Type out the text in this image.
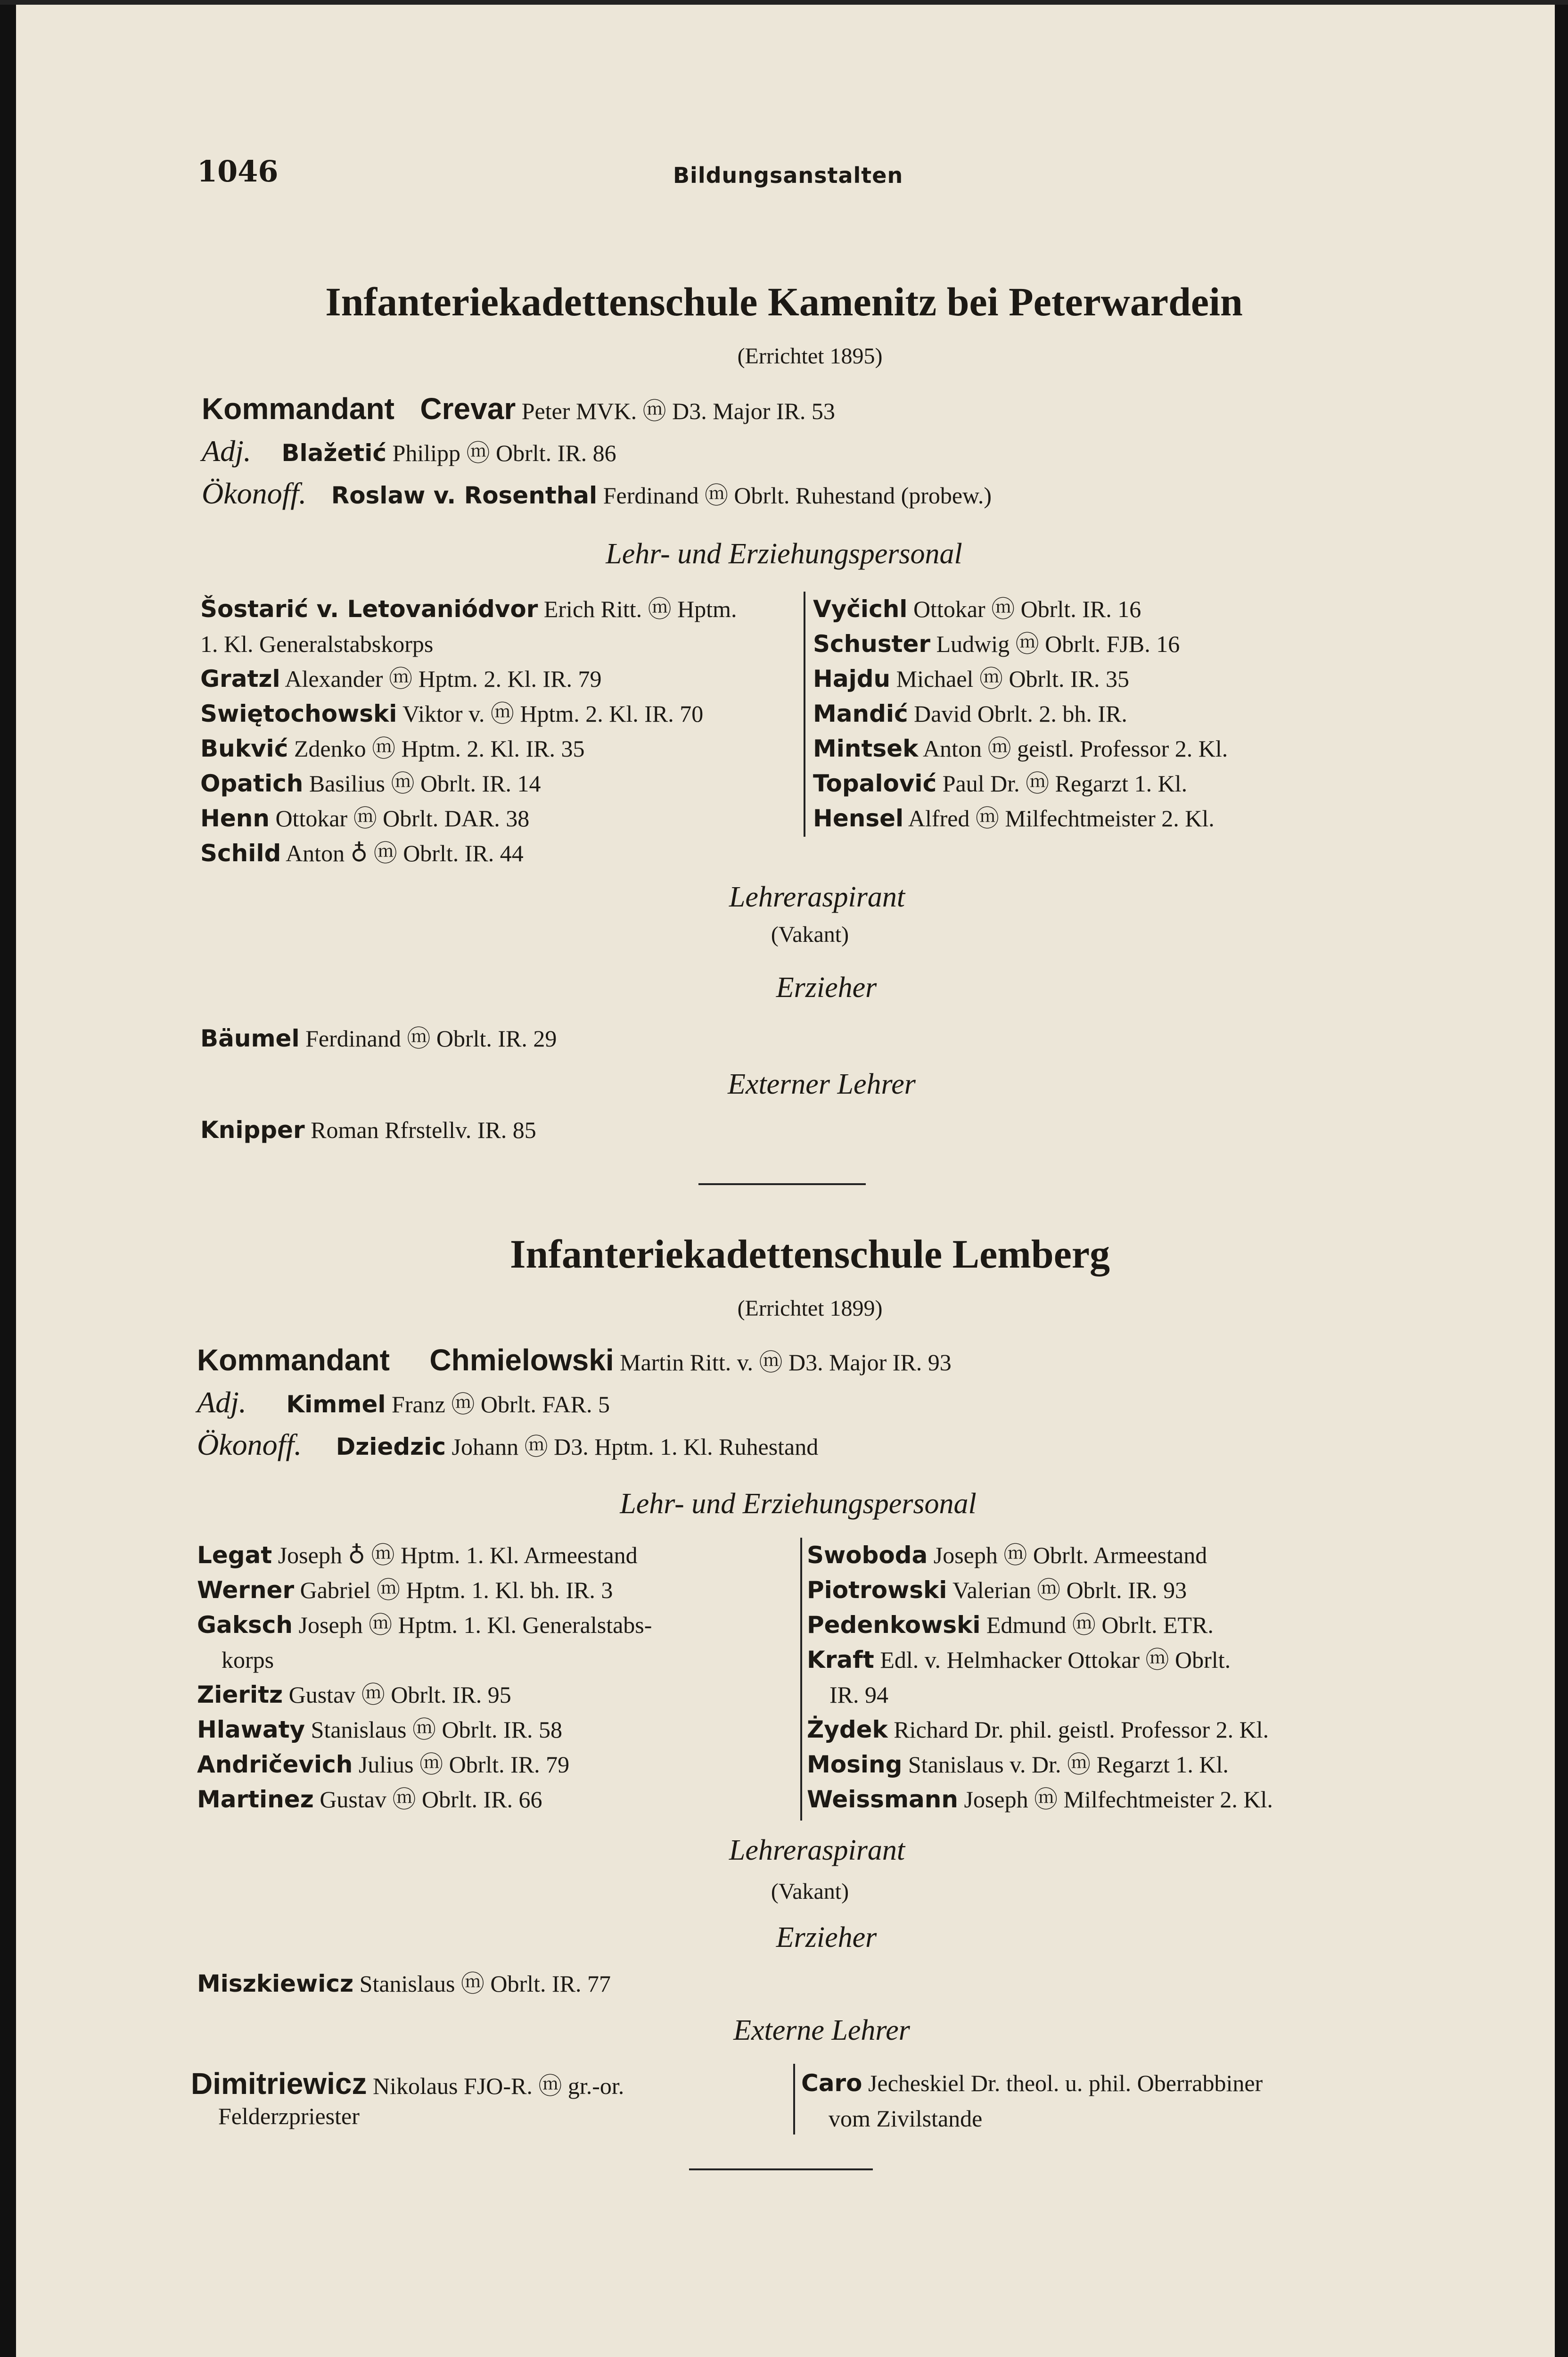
1046	Bildungsanstalten
Infanteriekadettenschule Kamenitz bei Peterwardein
(Errichtet 1895)
Kommandant Crevar Peter MVK. ⓜ D3. Major IR. 53
Adj. Blažetić Philipp ⓜ Obrlt. IR. 86
Ökonoff. Roslaw v. Rosenthal Ferdinand ⓜ Obrlt. Ruhestand (probew.)
Lehr- und Erziehungspersonal
Šostarić v. Letovaniódvor Erich Ritt. ⓜ Hptm.
1. Kl. Generalstabskorps
Gratzl Alexander ⓜ Hptm. 2. Kl. IR. 79
Swiętochowski Viktor v. ⓜ Hptm. 2. Kl. IR. 70
Bukvić Zdenko ⓜ Hptm. 2. Kl. IR. 35
Opatich Basilius ⓜ Obrlt. IR. 14
Henn Ottokar ⓜ Obrlt. DAR. 38
Schild Anton ♁ ⓜ Obrlt. IR. 44
Vyčichl Ottokar ⓜ Obrlt. IR. 16
Schuster Ludwig ⓜ Obrlt. FJB. 16
Hajdu Michael ⓜ Obrlt. IR. 35
Mandić David Obrlt. 2. bh. IR.
Mintsek Anton ⓜ geistl. Professor 2. Kl.
Topalović Paul Dr. ⓜ Regarzt 1. Kl.
Hensel Alfred ⓜ Milfechtmeister 2. Kl.
Lehreraspirant
(Vakant)
Erzieher
Bäumel Ferdinand ⓜ Obrlt. IR. 29
Externer Lehrer
Knipper Roman Rfrstellv. IR. 85
Infanteriekadettenschule Lemberg
(Errichtet 1899)
Kommandant Chmielowski Martin Ritt. v. ⓜ D3. Major IR. 93
Adj. Kimmel Franz ⓜ Obrlt. FAR. 5
Ökonoff. Dziedzic Johann ⓜ D3. Hptm. 1. Kl. Ruhestand
Lehr- und Erziehungspersonal
Legat Joseph ♁ ⓜ Hptm. 1. Kl. Armeestand
Werner Gabriel ⓜ Hptm. 1. Kl. bh. IR. 3
Gaksch Joseph ⓜ Hptm. 1. Kl. Generalstabs-
korps
Zieritz Gustav ⓜ Obrlt. IR. 95
Hlawaty Stanislaus ⓜ Obrlt. IR. 58
Andričevich Julius ⓜ Obrlt. IR. 79
Martinez Gustav ⓜ Obrlt. IR. 66
Swoboda Joseph ⓜ Obrlt. Armeestand
Piotrowski Valerian ⓜ Obrlt. IR. 93
Pedenkowski Edmund ⓜ Obrlt. ETR.
Kraft Edl. v. Helmhacker Ottokar ⓜ Obrlt.
IR. 94
Żydek Richard Dr. phil. geistl. Professor 2. Kl.
Mosing Stanislaus v. Dr. ⓜ Regarzt 1. Kl.
Weissmann Joseph ⓜ Milfechtmeister 2. Kl.
Lehreraspirant
(Vakant)
Erzieher
Miszkiewicz Stanislaus ⓜ Obrlt. IR. 77
Externe Lehrer
Dimitriewicz Nikolaus FJO-R. ⓜ gr.-or.
Felderzpriester
Caro Jecheskiel Dr. theol. u. phil. Oberrabbiner
vom Zivilstande
